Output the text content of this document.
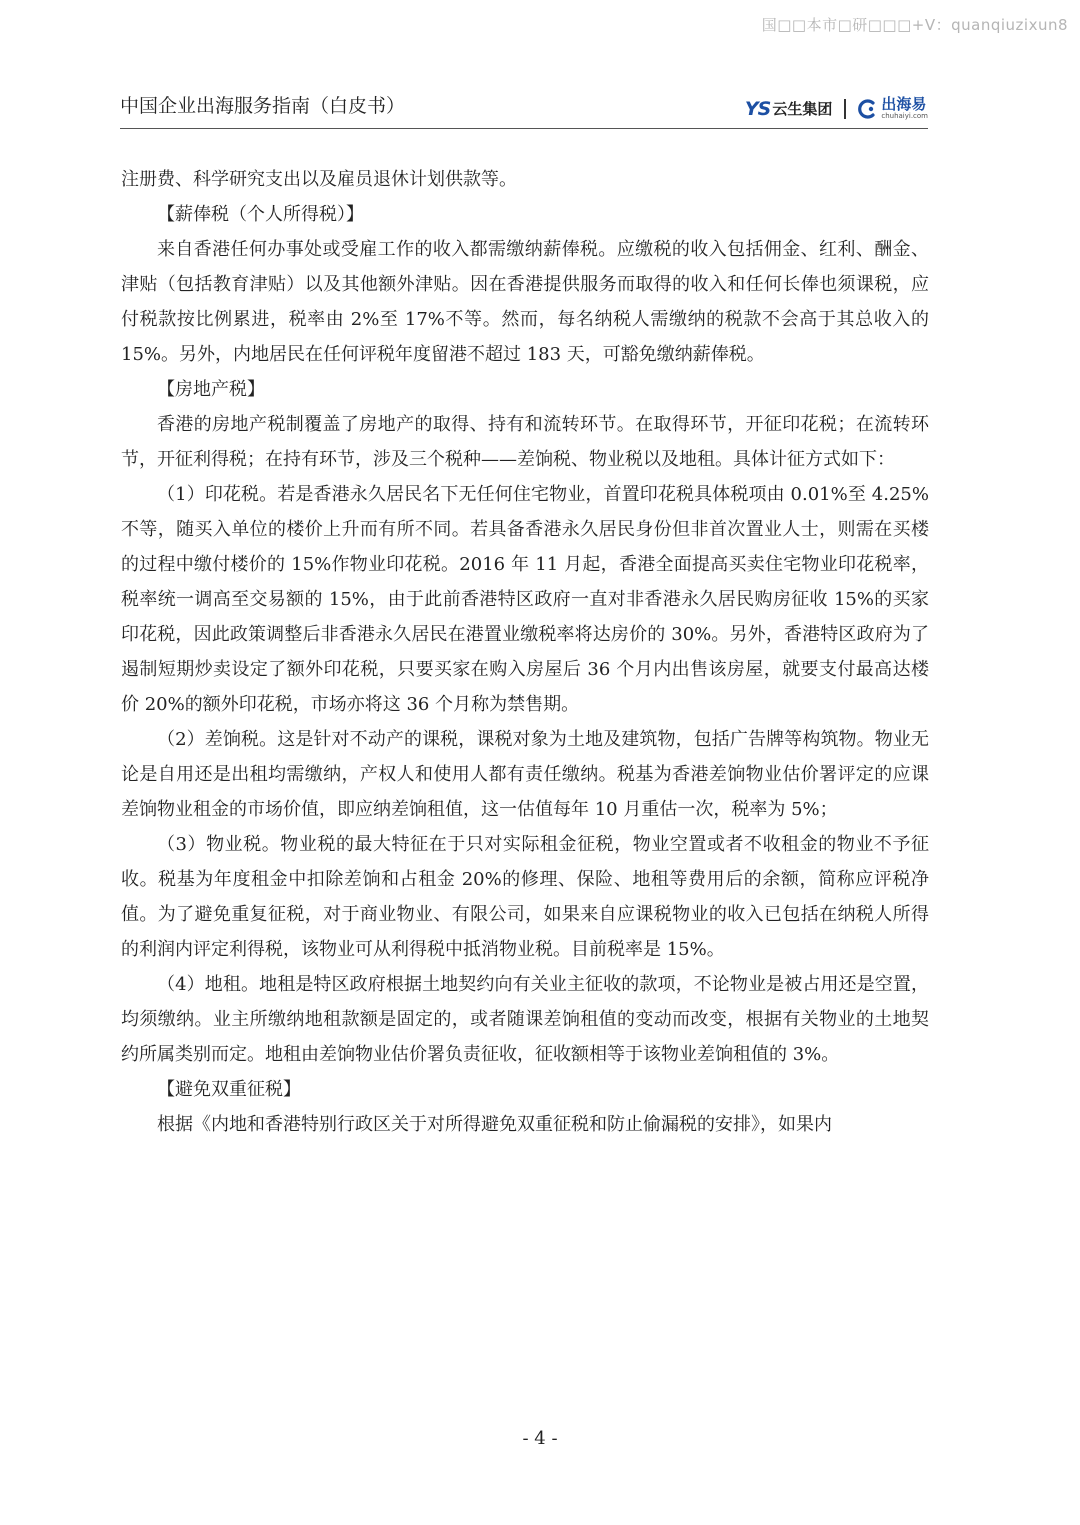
国□□本市□研□□□+V：quanqiuzixun8
中国企业出海服务指南（白皮书）	YS 云生集团	出海易
chuhaiyi.com

注册费、科学研究支出以及雇员退休计划供款等。

【薪俸税（个人所得税）】

来自香港任何办事处或受雇工作的收入都需缴纳薪俸税。应缴税的收入包括佣金、红利、酬金、津贴（包括教育津贴）以及其他额外津贴。因在香港提供服务而取得的收入和任何长俸也须课税，应付税款按比例累进，税率由 2%至 17%不等。然而，每名纳税人需缴纳的税款不会高于其总收入的 15%。另外，内地居民在任何评税年度留港不超过 183 天，可豁免缴纳薪俸税。

【房地产税】

香港的房地产税制覆盖了房地产的取得、持有和流转环节。在取得环节，开征印花税；在流转环节，开征利得税；在持有环节，涉及三个税种——差饷税、物业税以及地租。具体计征方式如下：

（1）印花税。若是香港永久居民名下无任何住宅物业，首置印花税具体税项由 0.01%至 4.25%不等，随买入单位的楼价上升而有所不同。若具备香港永久居民身份但非首次置业人士，则需在买楼的过程中缴付楼价的 15%作物业印花税。2016 年 11 月起，香港全面提高买卖住宅物业印花税率，税率统一调高至交易额的 15%，由于此前香港特区政府一直对非香港永久居民购房征收 15%的买家印花税，因此政策调整后非香港永久居民在港置业缴税率将达房价的 30%。另外，香港特区政府为了遏制短期炒卖设定了额外印花税，只要买家在购入房屋后 36 个月内出售该房屋，就要支付最高达楼价 20%的额外印花税，市场亦将这 36 个月称为禁售期。

（2）差饷税。这是针对不动产的课税，课税对象为土地及建筑物，包括广告牌等构筑物。物业无论是自用还是出租均需缴纳，产权人和使用人都有责任缴纳。税基为香港差饷物业估价署评定的应课差饷物业租金的市场价值，即应纳差饷租值，这一估值每年 10 月重估一次，税率为 5%；

（3）物业税。物业税的最大特征在于只对实际租金征税，物业空置或者不收租金的物业不予征收。税基为年度租金中扣除差饷和占租金 20%的修理、保险、地租等费用后的余额，简称应评税净值。为了避免重复征税，对于商业物业、有限公司，如果来自应课税物业的收入已包括在纳税人所得的利润内评定利得税，该物业可从利得税中抵消物业税。目前税率是 15%。

（4）地租。地租是特区政府根据土地契约向有关业主征收的款项，不论物业是被占用还是空置，均须缴纳。业主所缴纳地租款额是固定的，或者随课差饷租值的变动而改变，根据有关物业的土地契约所属类别而定。地租由差饷物业估价署负责征收，征收额相等于该物业差饷租值的 3%。

【避免双重征税】

根据《内地和香港特别行政区关于对所得避免双重征税和防止偷漏税的安排》，如果内

- 4 -
